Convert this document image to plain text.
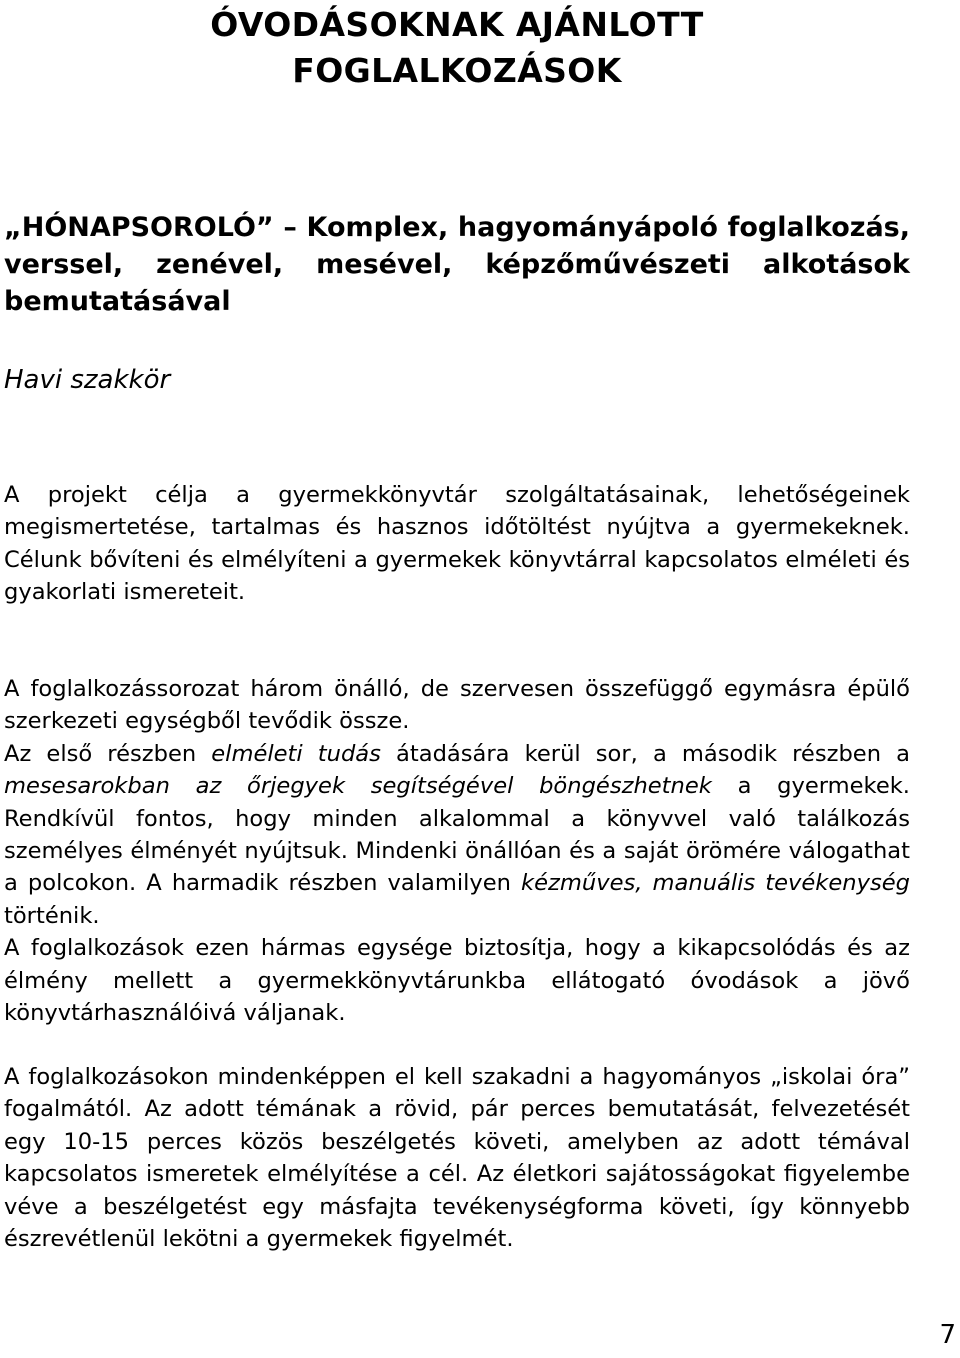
ÓVODÁSOKNAK AJÁNLOTT
FOGLALKOZÁSOK
„HÓNAPSOROLÓ” – Komplex, hagyományápoló foglalkozás, verssel, zenével, mesével, képzőművészeti alkotások bemutatásával
Havi szakkör

A projekt célja a gyermekkönyvtár szolgáltatásainak, lehetőségeinek megismertetése, tartalmas és hasznos időtöltést nyújtva a gyermekeknek. Célunk bővíteni és elmélyíteni a gyermekek könyvtárral kapcsolatos elméleti és gyakorlati ismereteit.

A foglalkozássorozat három önálló, de szervesen összefüggő egymásra épülő szerkezeti egységből tevődik össze.
Az első részben elméleti tudás átadására kerül sor, a második részben a mesesarokban az őrjegyek segítségével böngészhetnek a gyermekek. Rendkívül fontos, hogy minden alkalommal a könyvvel való találkozás személyes élményét nyújtsuk. Mindenki önállóan és a saját örömére válogathat a polcokon. A harmadik részben valamilyen kézműves, manuális tevékenység történik.
A foglalkozások ezen hármas egysége biztosítja, hogy a kikapcsolódás és az élmény mellett a gyermekkönyvtárunkba ellátogató óvodások a jövő könyvtárhasználóivá váljanak.

A foglalkozásokon mindenképpen el kell szakadni a hagyományos „iskolai óra” fogalmától. Az adott témának a rövid, pár perces bemutatását, felvezetését egy 10-15 perces közös beszélgetés követi, amelyben az adott témával kapcsolatos ismeretek elmélyítése a cél. Az életkori sajátosságokat figyelembe véve a beszélgetést egy másfajta tevékenységforma követi, így könnyebb észrevétlenül lekötni a gyermekek figyelmét.

7
